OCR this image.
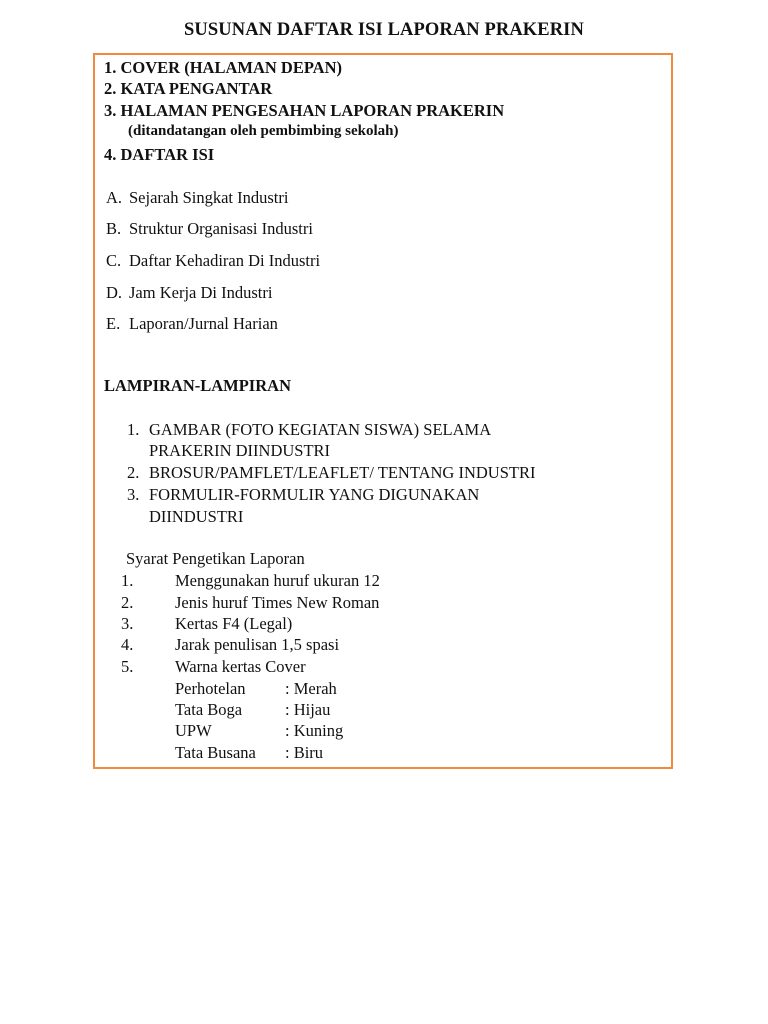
SUSUNAN DAFTAR ISI LAPORAN PRAKERIN
1. COVER (HALAMAN DEPAN)
2. KATA PENGANTAR
3. HALAMAN PENGESAHAN LAPORAN PRAKERIN
(ditandatangan oleh pembimbing sekolah)
4. DAFTAR ISI
A. Sejarah Singkat Industri
B. Struktur Organisasi Industri
C. Daftar Kehadiran Di Industri
D. Jam Kerja Di Industri
E. Laporan/Jurnal Harian
LAMPIRAN-LAMPIRAN
1. GAMBAR (FOTO KEGIATAN SISWA) SELAMA
PRAKERIN DIINDUSTRI
2. BROSUR/PAMFLET/LEAFLET/ TENTANG INDUSTRI
3. FORMULIR-FORMULIR YANG DIGUNAKAN
DIINDUSTRI
Syarat Pengetikan Laporan
1.	Menggunakan huruf ukuran 12
2.	Jenis huruf Times New Roman
3.	Kertas F4 (Legal)
4.	Jarak penulisan 1,5 spasi
5.	Warna kertas Cover
Perhotelan : Merah
Tata Boga	: Hijau
UPW	: Kuning
Tata Busana : Biru
